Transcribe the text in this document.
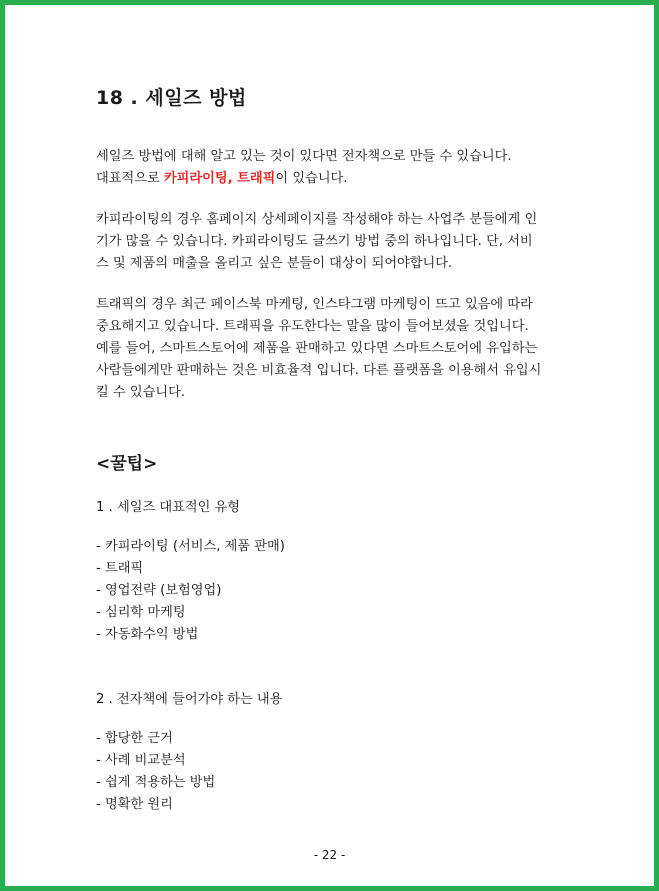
18 . 세일즈 방법

세일즈 방법에 대해 알고 있는 것이 있다면 전자책으로 만들 수 있습니다.
대표적으로 카피라이팅, 트래픽이 있습니다.

카피라이팅의 경우 홈페이지 상세페이지를 작성해야 하는 사업주 분들에게 인
기가 많을 수 있습니다. 카피라이팅도 글쓰기 방법 중의 하나입니다. 단, 서비
스 및 제품의 매출을 올리고 싶은 분들이 대상이 되어야합니다.

트래픽의 경우 최근 페이스북 마케팅, 인스타그램 마케팅이 뜨고 있음에 따라
중요해지고 있습니다. 트래픽을 유도한다는 말을 많이 들어보셨을 것입니다.
예를 들어, 스마트스토어에 제품을 판매하고 있다면 스마트스토어에 유입하는
사람들에게만 판매하는 것은 비효율적 입니다. 다른 플랫폼을 이용해서 유입시
킬 수 있습니다.

<꿀팁>

1 . 세일즈 대표적인 유형

- 카피라이팅 (서비스, 제품 판매)
- 트래픽
- 영업전략 (보험영업)
- 심리학 마케팅
- 자동화수익 방법

2 . 전자책에 들어가야 하는 내용

- 합당한 근거
- 사례 비교분석
- 쉽게 적용하는 방법
- 명확한 원리
- 22 -
